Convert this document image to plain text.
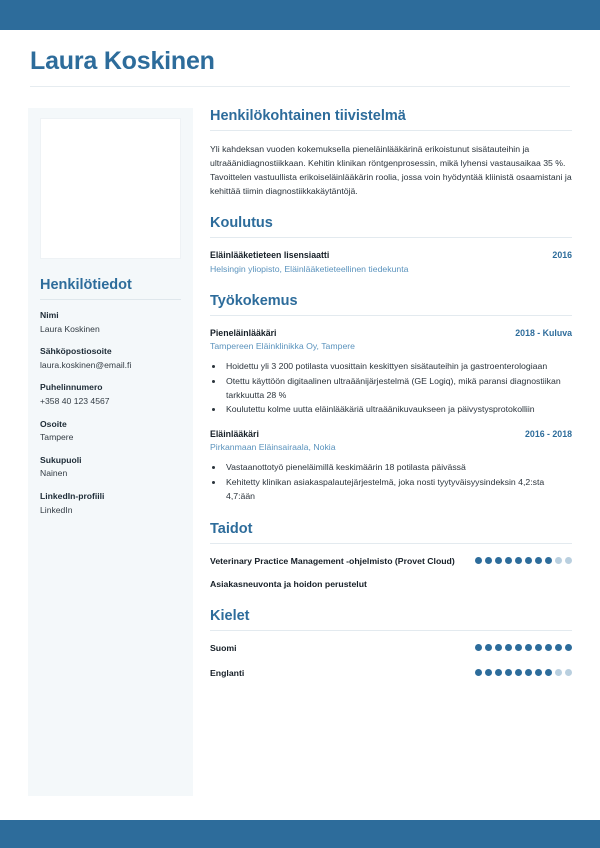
Laura Koskinen
Henkilötiedot
Nimi
Laura Koskinen
Sähköpostiosoite
laura.koskinen@email.fi
Puhelinnumero
+358 40 123 4567
Osoite
Tampere
Sukupuoli
Nainen
LinkedIn-profiili
LinkedIn
Henkilökohtainen tiivistelmä

Yli kahdeksan vuoden kokemuksella pieneläinlääkärinä erikoistunut sisätauteihin ja ultraäänidiagnostiikkaan. Kehitin klinikan röntgenprosessin, mikä lyhensi vastausaikaa 35 %. Tavoittelen vastuullista erikoiseläinlääkärin roolia, jossa voin hyödyntää kliinistä osaamistani ja kehittää tiimin diagnostiikkakäytäntöjä.

Koulutus
Eläinlääketieteen lisensiaatti	2016
Helsingin yliopisto, Eläinlääketieteellinen tiedekunta
Työkokemus
Pieneläinlääkäri	2018 - Kuluva
Tampereen Eläinklinikka Oy, Tampere
• Hoidettu yli 3 200 potilasta vuosittain keskittyen sisätauteihin ja gastroenterologiaan
• Otettu käyttöön digitaalinen ultraäänijärjestelmä (GE Logiq), mikä paransi diagnostiikan tarkkuutta 28 %
• Koulutettu kolme uutta eläinlääkäriä ultraäänikuvaukseen ja päivystysprotokolliin
Eläinlääkäri	2016 - 2018
Pirkanmaan Eläinsairaala, Nokia
• Vastaanottotyö pieneläimillä keskimäärin 18 potilasta päivässä
• Kehitetty klinikan asiakaspalautejärjestelmä, joka nosti tyytyväisyysindeksin 4,2:sta 4,7:ään
Taidot
Veterinary Practice Management -ohjelmisto (Provet Cloud)
Asiakasneuvonta ja hoidon perustelut
Kielet
Suomi
Englanti
